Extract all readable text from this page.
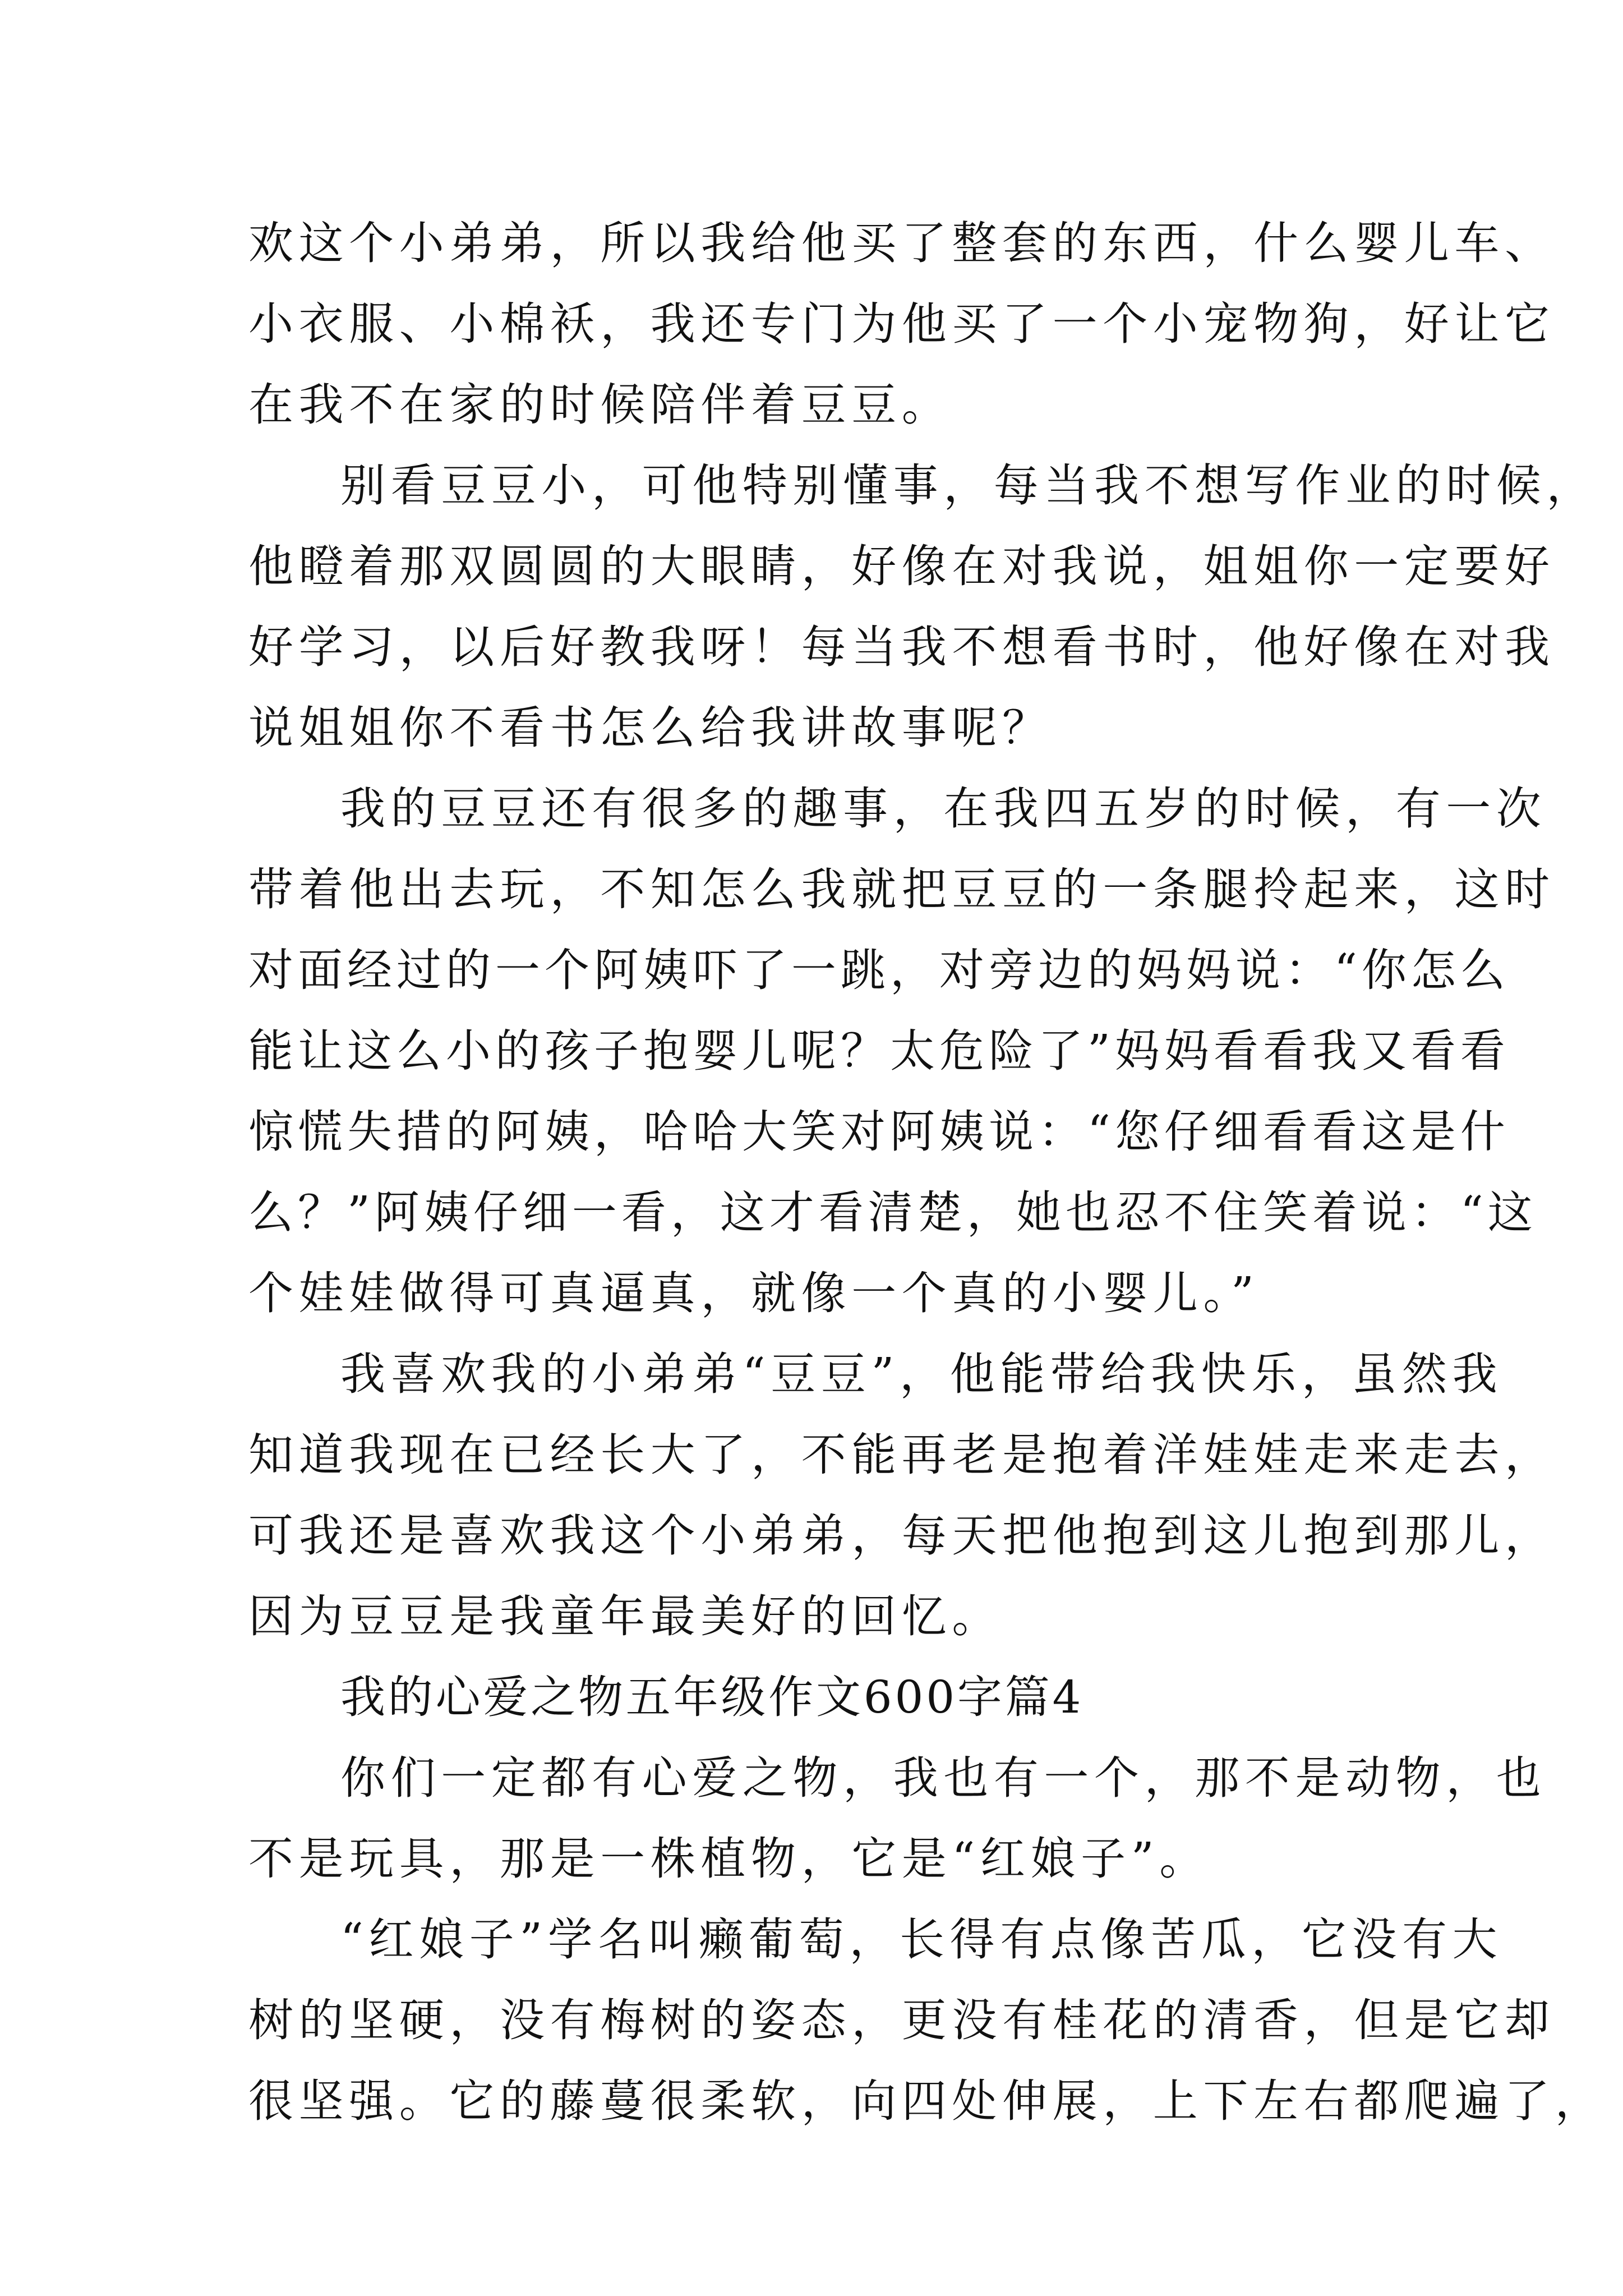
欢这个小弟弟，所以我给他买了整套的东西，什么婴儿车、
小衣服、小棉袄，我还专门为他买了一个小宠物狗，好让它
在我不在家的时候陪伴着豆豆。
别看豆豆小，可他特别懂事，每当我不想写作业的时候，
他瞪着那双圆圆的大眼睛，好像在对我说，姐姐你一定要好
好学习，以后好教我呀！每当我不想看书时，他好像在对我
说姐姐你不看书怎么给我讲故事呢？
我的豆豆还有很多的趣事，在我四五岁的时候，有一次
带着他出去玩，不知怎么我就把豆豆的一条腿拎起来，这时
对面经过的一个阿姨吓了一跳，对旁边的妈妈说：“你怎么
能让这么小的孩子抱婴儿呢？太危险了”妈妈看看我又看看
惊慌失措的阿姨，哈哈大笑对阿姨说：“您仔细看看这是什
么？”阿姨仔细一看，这才看清楚，她也忍不住笑着说：“这
个娃娃做得可真逼真，就像一个真的小婴儿。”
我喜欢我的小弟弟“豆豆”，他能带给我快乐，虽然我
知道我现在已经长大了，不能再老是抱着洋娃娃走来走去，
可我还是喜欢我这个小弟弟，每天把他抱到这儿抱到那儿，
因为豆豆是我童年最美好的回忆。
我的心爱之物五年级作文600字篇4
你们一定都有心爱之物，我也有一个，那不是动物，也
不是玩具，那是一株植物，它是“红娘子”。
“红娘子”学名叫癞葡萄，长得有点像苦瓜，它没有大
树的坚硬，没有梅树的姿态，更没有桂花的清香，但是它却
很坚强。它的藤蔓很柔软，向四处伸展，上下左右都爬遍了，
